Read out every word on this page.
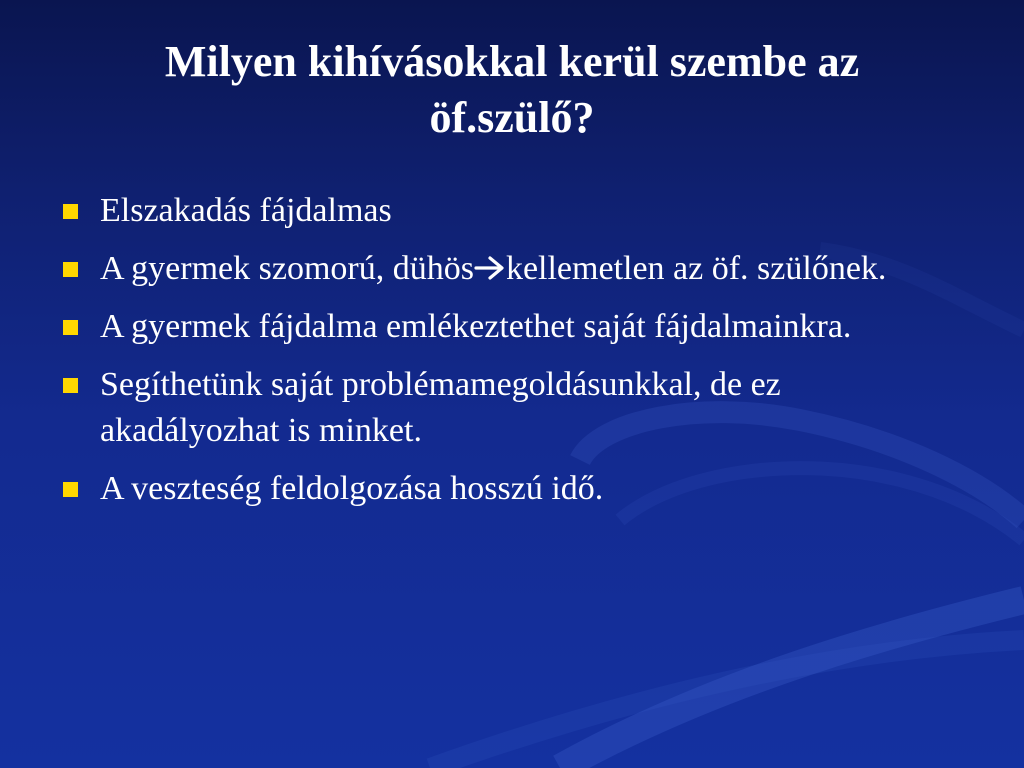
Milyen kihívásokkal kerül szembe az
öf.szülő?
Elszakadás fájdalmas
A gyermek szomorú, dühös kellemetlen az öf. szülőnek.
A gyermek fájdalma emlékeztethet saját fájdalmainkra.
Segíthetünk saját problémamegoldásunkkal, de ez akadályozhat is minket.
A veszteség feldolgozása hosszú idő.
